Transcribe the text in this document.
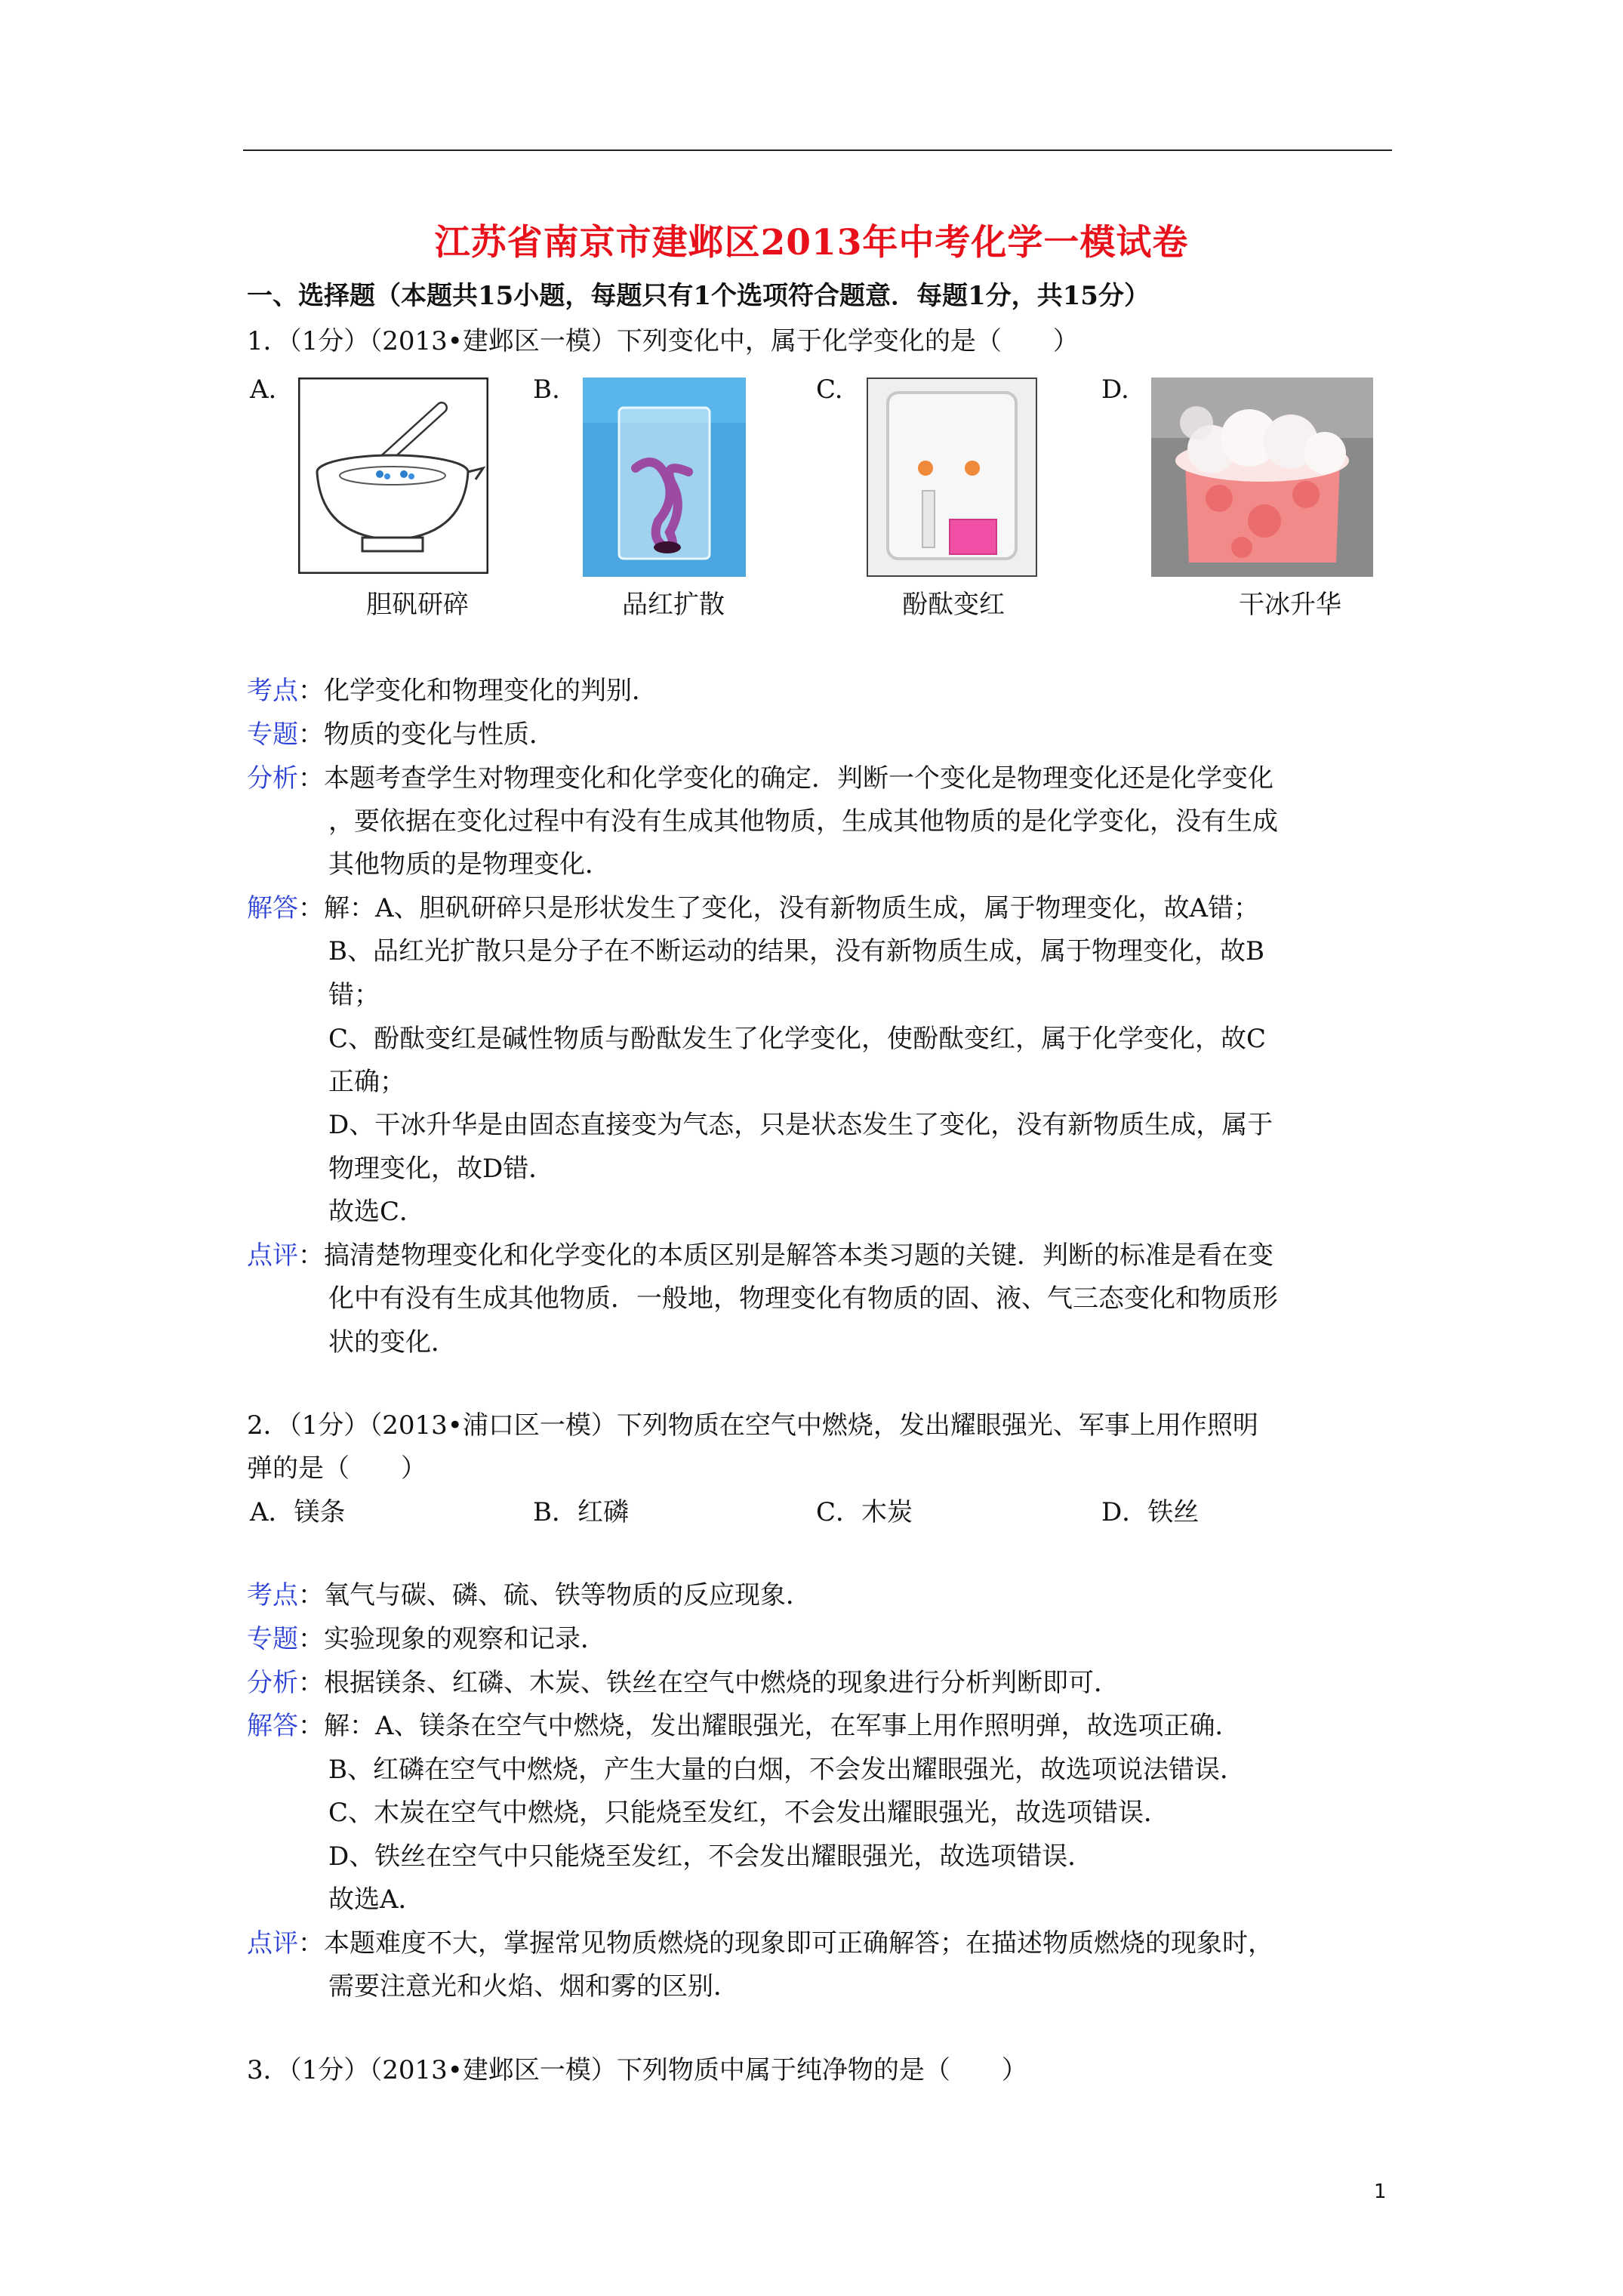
江苏省南京市建邺区2013年中考化学一模试卷
一、选择题（本题共15小题，每题只有1个选项符合题意．每题1分，共15分）
1．（1分）（2013•建邺区一模）下列变化中，属于化学变化的是（　　）
A.	B.	C.	D.
胆矾研碎	品红扩散	酚酞变红	干冰升华
考点：化学变化和物理变化的判别．
专题：物质的变化与性质．
分析：本题考查学生对物理变化和化学变化的确定．判断一个变化是物理变化还是化学变化
，要依据在变化过程中有没有生成其他物质，生成其他物质的是化学变化，没有生成
其他物质的是物理变化．
解答：解：A、胆矾研碎只是形状发生了变化，没有新物质生成，属于物理变化，故A错；
B、品红光扩散只是分子在不断运动的结果，没有新物质生成，属于物理变化，故B
错；
C、酚酞变红是碱性物质与酚酞发生了化学变化，使酚酞变红，属于化学变化，故C
正确；
D、干冰升华是由固态直接变为气态，只是状态发生了变化，没有新物质生成，属于
物理变化，故D错．
故选C．
点评：搞清楚物理变化和化学变化的本质区别是解答本类习题的关键．判断的标准是看在变
化中有没有生成其他物质．一般地，物理变化有物质的固、液、气三态变化和物质形
状的变化．
2．（1分）（2013•浦口区一模）下列物质在空气中燃烧，发出耀眼强光、军事上用作照明
弹的是（　　）
A．镁条	B．红磷	C．木炭	D．铁丝
考点：氧气与碳、磷、硫、铁等物质的反应现象．
专题：实验现象的观察和记录．
分析：根据镁条、红磷、木炭、铁丝在空气中燃烧的现象进行分析判断即可．
解答：解：A、镁条在空气中燃烧，发出耀眼强光，在军事上用作照明弹，故选项正确．
B、红磷在空气中燃烧，产生大量的白烟，不会发出耀眼强光，故选项说法错误．
C、木炭在空气中燃烧，只能烧至发红，不会发出耀眼强光，故选项错误．
D、铁丝在空气中只能烧至发红，不会发出耀眼强光，故选项错误．
故选A．
点评：本题难度不大，掌握常见物质燃烧的现象即可正确解答；在描述物质燃烧的现象时，
需要注意光和火焰、烟和雾的区别．
3．（1分）（2013•建邺区一模）下列物质中属于纯净物的是（　　）
1
